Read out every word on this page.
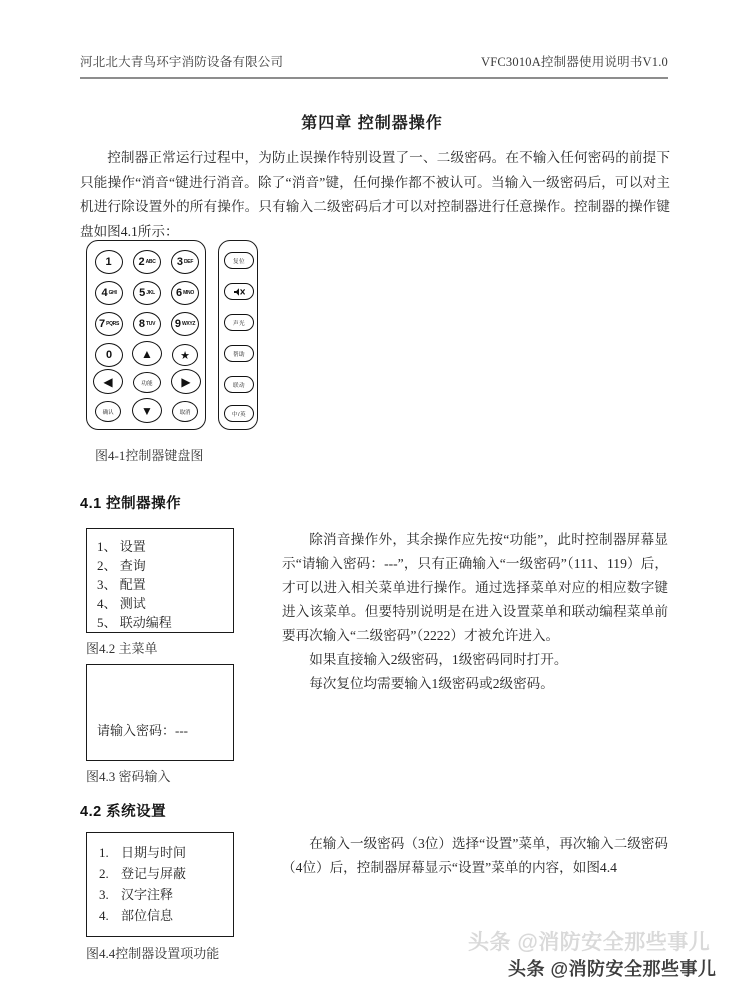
河北北大青鸟环宇消防设备有限公司	VFC3010A控制器使用说明书V1.0
第四章 控制器操作

控制器正常运行过程中，为防止误操作特别设置了一、二级密码。在不输入任何密码的前提下只能操作“消音“键进行消音。除了“消音”键，任何操作都不被认可。当输入一级密码后，可以对主机进行除设置外的所有操作。只有输入二级密码后才可以对控制器进行任意操作。控制器的操作键盘如图4.1所示：

1 2 ABC 3 DEF
4 GHI 5 JKL 6 MNO
7 PQRS 8 TUV 9 WXYZ
0 ▲ ★
◀	功能 ▶
确认 ▼	取消
复位
声光
帮助
联动
中/英
图4-1控制器键盘图
4.1 控制器操作
1、 设置
2、 查询
3、 配置
4、 测试
5、 联动编程
图4.2 主菜单
请输入密码：---
图4.3 密码输入

除消音操作外，其余操作应先按“功能”，此时控制器屏幕显示“请输入密码：---”，只有正确输入“一级密码”（111、119）后，才可以进入相关菜单进行操作。通过选择菜单对应的相应数字键进入该菜单。但要特别说明是在进入设置菜单和联动编程菜单前要再次输入“二级密码”（2222）才被允许进入。

如果直接输入2级密码，1级密码同时打开。

每次复位均需要输入1级密码或2级密码。

4.2 系统设置
1. 日期与时间
2. 登记与屏蔽
3. 汉字注释
4. 部位信息
图4.4控制器设置项功能

在输入一级密码（3位）选择“设置”菜单，再次输入二级密码（4位）后，控制器屏幕显示“设置”菜单的内容，如图4.4

头条 @消防安全那些事儿
头条 @消防安全那些事儿
